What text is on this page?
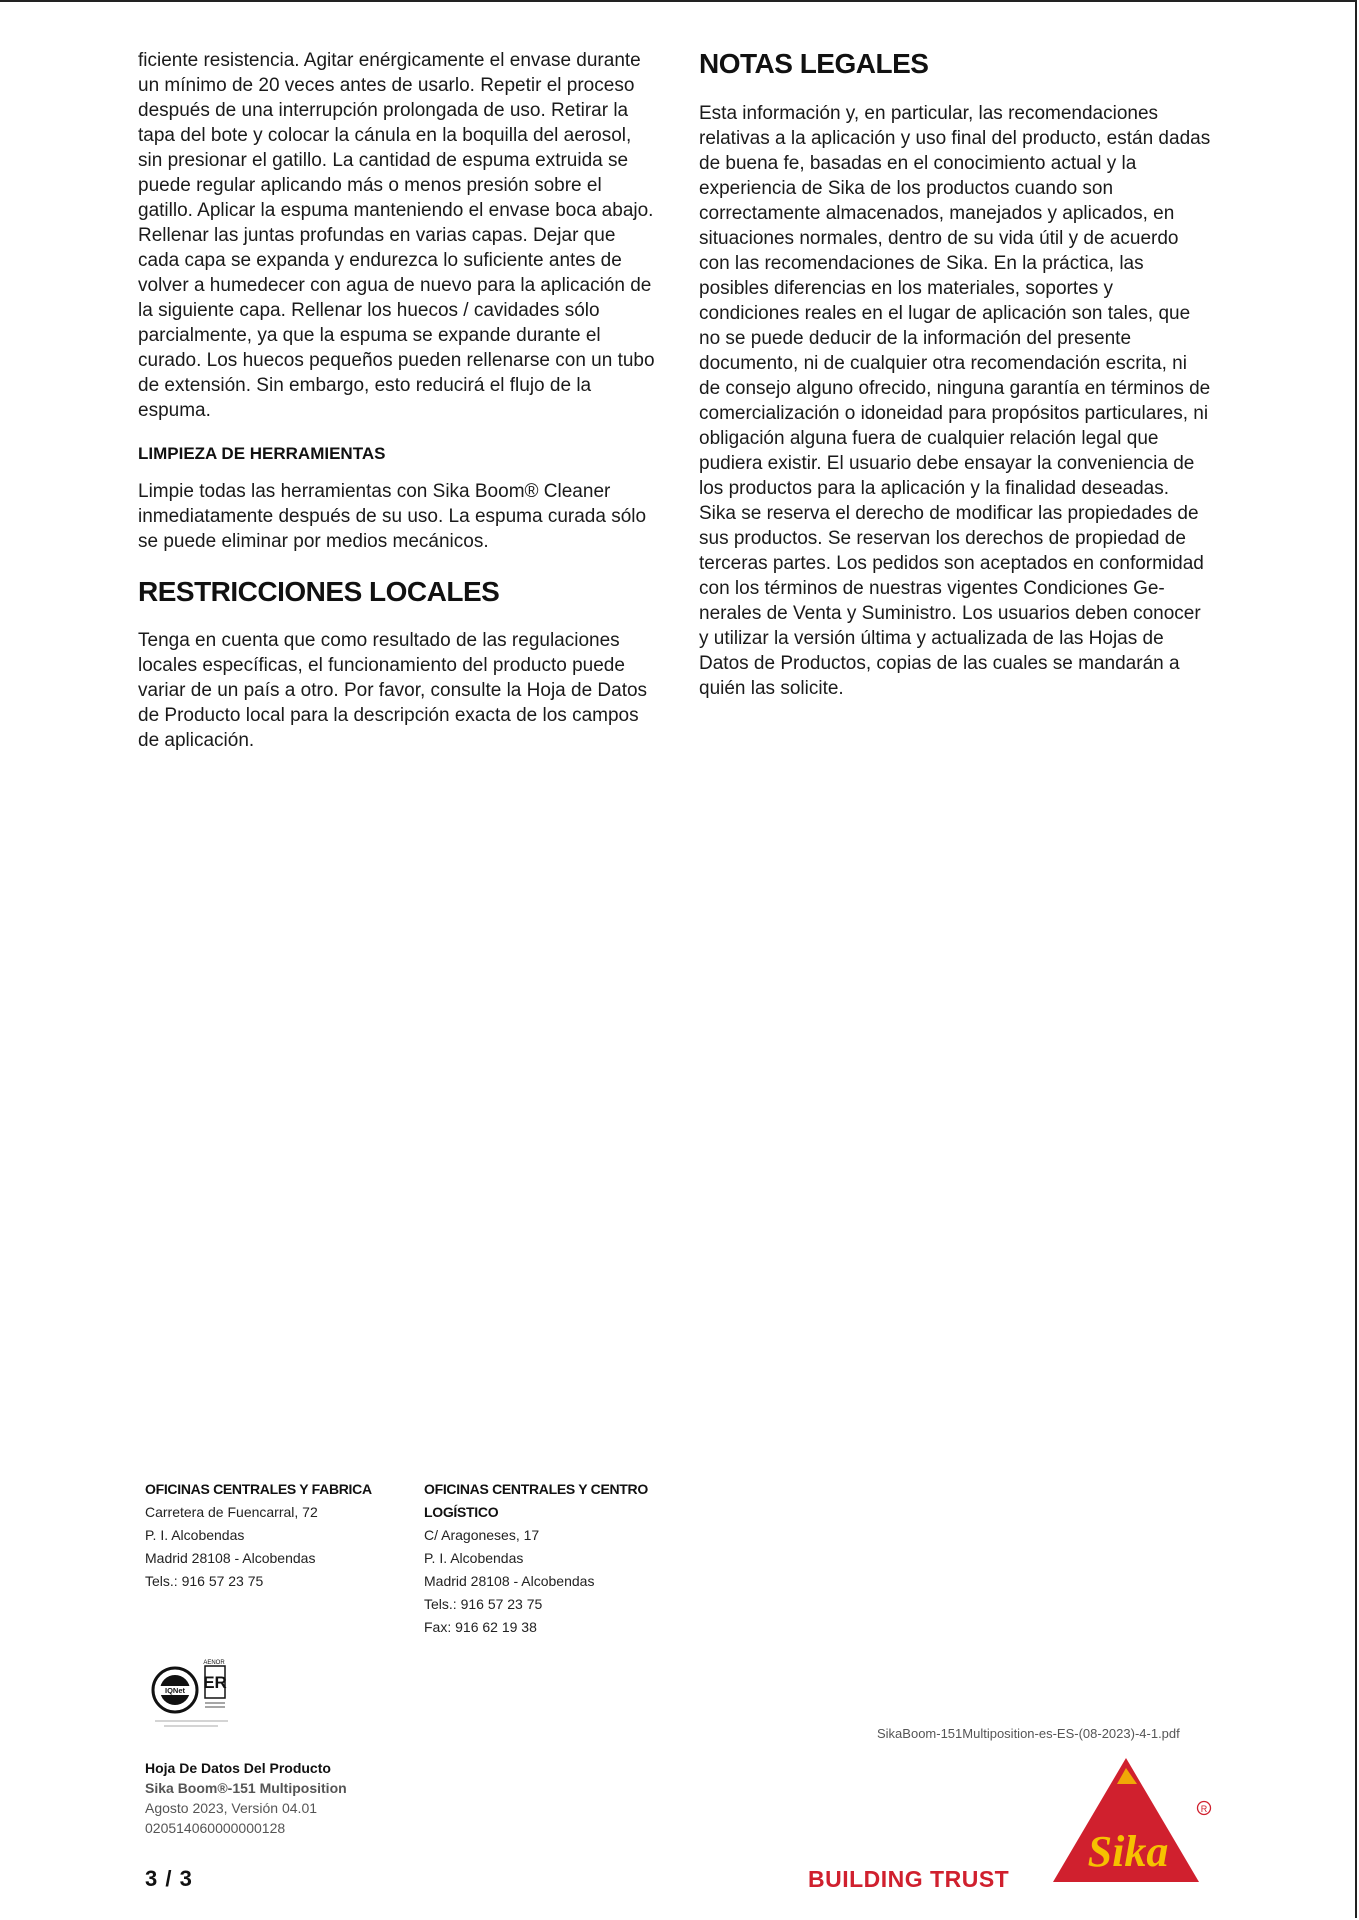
ficiente resistencia. Agitar enérgicamente el envase durante un mínimo de 20 veces antes de usarlo. Repetir el proceso después de una interrupción prolongada de uso. Retirar la tapa del bote y colocar la cánula en la boquilla del aerosol, sin presionar el gatillo. La cantidad de espuma extruida se puede regular aplicando más o menos presión sobre el gatillo. Aplicar la espuma manteniendo el envase boca abajo. Rellenar las juntas profundas en varias capas. Dejar que cada capa se expanda y endurezca lo suficiente antes de volver a humedecer con agua de nuevo para la aplicación de la siguiente capa. Rellenar los huecos / cavidades sólo parcialmente, ya que la espuma se expande durante el curado. Los huecos pequeños pueden rellenarse con un tubo de extensión. Sin embargo, esto reducirá el flujo de la espuma.

LIMPIEZA DE HERRAMIENTAS

Limpie todas las herramientas con Sika Boom® Cleaner inmediatamente después de su uso. La espuma curada sólo se puede eliminar por medios mecánicos.

RESTRICCIONES LOCALES

Tenga en cuenta que como resultado de las regulaciones locales específicas, el funcionamiento del producto puede variar de un país a otro. Por favor, consulte la Hoja de Datos de Producto local para la descripción exacta de los campos de aplicación.

NOTAS LEGALES

Esta información y, en particular, las recomendaciones relativas a la aplicación y uso final del producto, están dadas de buena fe, basadas en el conocimiento actual y la experiencia de Sika de los productos cuando son correctamente almacenados, manejados y aplicados, en situaciones normales, dentro de su vida útil y de acuerdo con las recomendaciones de Sika. En la práctica, las posibles diferencias en los materiales, soportes y condiciones reales en el lugar de aplicación son tales, que no se puede deducir de la información del presente documento, ni de cualquier otra recomendación escrita, ni de consejo alguno ofrecido, ninguna garantía en términos de comercialización o idoneidad para propósitos particulares, ni obligación alguna fuera de cualquier relación legal que pudiera existir. El usuario debe ensayar la conveniencia de los productos para la aplicación y la finalidad deseadas. Sika se reserva el derecho de modificar las propiedades de sus productos. Se reservan los derechos de propiedad de terceras partes. Los pedidos son aceptados en conformidad con los términos de nuestras vigentes Condiciones Generales de Venta y Suministro. Los usuarios deben conocer y utilizar la versión última y actualizada de las Hojas de Datos de Productos, copias de las cuales se mandarán a quién las solicite.

OFICINAS CENTRALES Y FABRICA
Carretera de Fuencarral, 72
P. I. Alcobendas
Madrid 28108 - Alcobendas
Tels.: 916 57 23 75
OFICINAS CENTRALES Y CENTRO
LOGÍSTICO
C/ Aragoneses, 17
P. I. Alcobendas
Madrid 28108 - Alcobendas
Tels.: 916 57 23 75
Fax: 916 62 19 38
IQNet
AENOR
ER
SikaBoom-151Multiposition-es-ES-(08-2023)-4-1.pdf
Hoja De Datos Del Producto
Sika Boom®-151 Multiposition
Agosto 2023, Versión 04.01
020514060000000128
3 / 3	BUILDING TRUST
Sika
R
